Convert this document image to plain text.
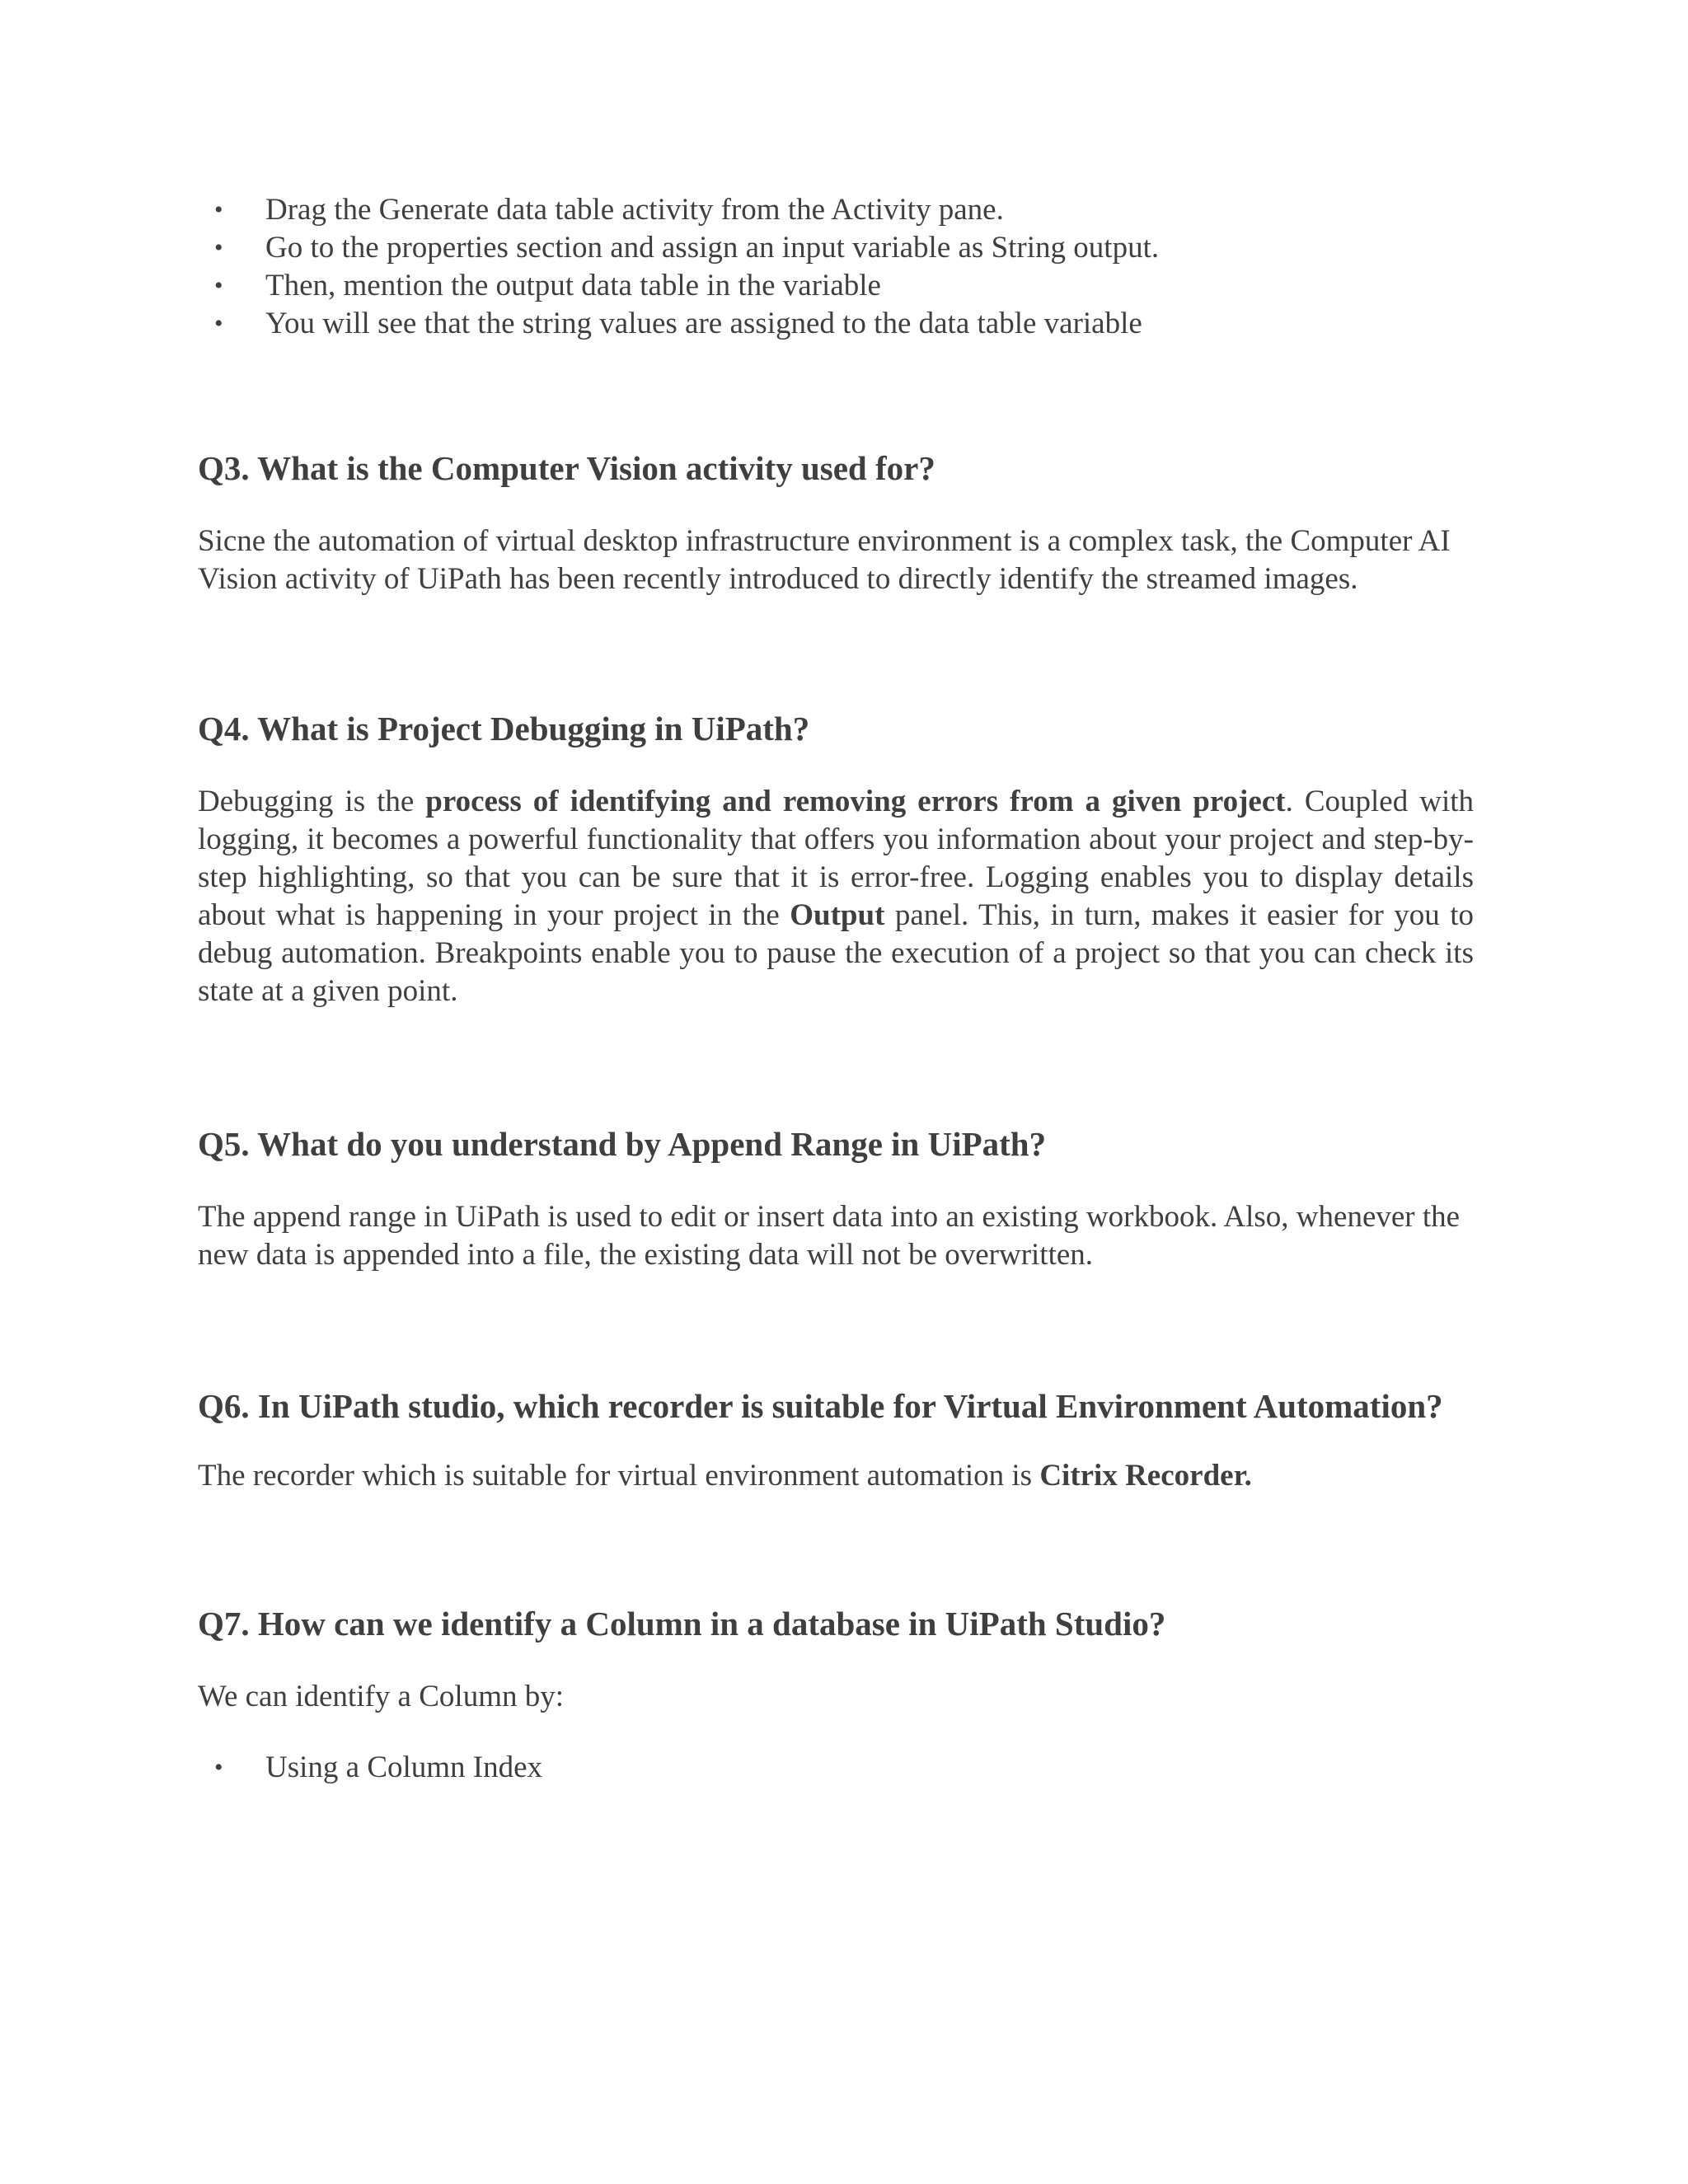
• Drag the Generate data table activity from the Activity pane.
• Go to the properties section and assign an input variable as String output.
• Then, mention the output data table in the variable
• You will see that the string values are assigned to the data table variable
Q3. What is the Computer Vision activity used for?

Sicne the automation of virtual desktop infrastructure environment is a complex task, the Computer AI Vision activity of UiPath has been recently introduced to directly identify the streamed images.

Q4. What is Project Debugging in UiPath?

Debugging is the process of identifying and removing errors from a given project. Coupled with logging, it becomes a powerful functionality that offers you information about your project and step-by-step highlighting, so that you can be sure that it is error-free. Logging enables you to display details about what is happening in your project in the Output panel. This, in turn, makes it easier for you to debug automation. Breakpoints enable you to pause the execution of a project so that you can check its state at a given point.

Q5. What do you understand by Append Range in UiPath?

The append range in UiPath is used to edit or insert data into an existing workbook. Also, whenever the new data is appended into a file, the existing data will not be overwritten.

Q6. In UiPath studio, which recorder is suitable for Virtual Environment Automation?

The recorder which is suitable for virtual environment automation is Citrix Recorder.

Q7. How can we identify a Column in a database in UiPath Studio?

We can identify a Column by:

• Using a Column Index
